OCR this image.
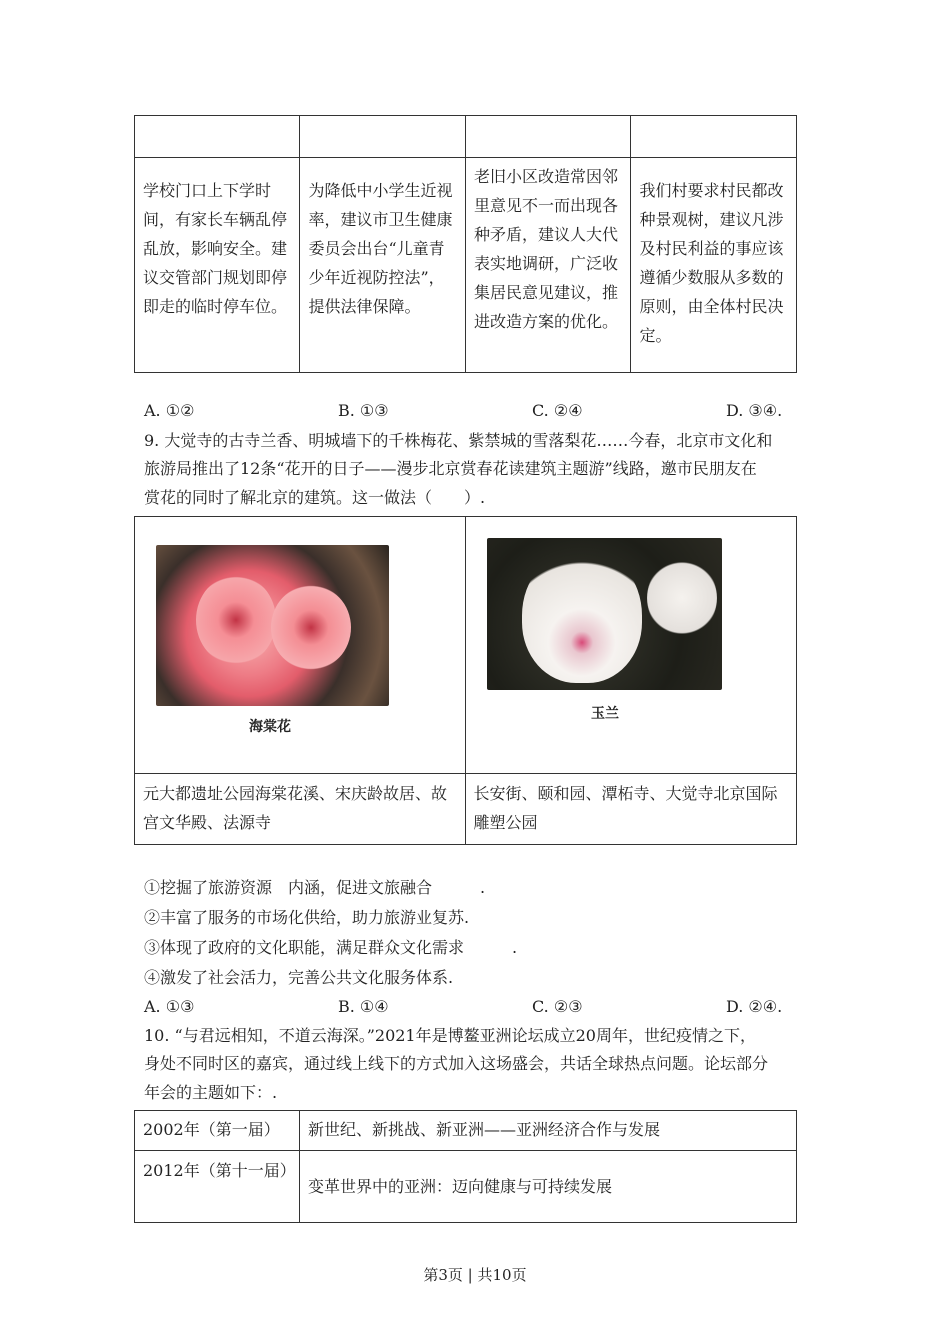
学校门口上下学时间，有家长车辆乱停乱放，影响安全。建议交管部门规划即停即走的临时停车位。	为降低中小学生近视率，建议市卫生健康委员会出台“儿童青少年近视防控法”，提供法律保障。	老旧小区改造常因邻里意见不一而出现各种矛盾，建议人大代表实地调研，广泛收集居民意见建议，推进改造方案的优化。	我们村要求村民都改种景观树，建议凡涉及村民利益的事应该遵循少数服从多数的原则，由全体村民决定。
A. ①②	B. ①③	C. ②④	D. ③④.
9. 大觉寺的古寺兰香、明城墙下的千株梅花、紫禁城的雪落梨花……今春，北京市文化和
旅游局推出了12条“花开的日子——漫步北京赏春花读建筑主题游”线路，邀市民朋友在
赏花的同时了解北京的建筑。这一做法（　　）.

元大都遗址公园海棠花溪、宋庆龄故居、故宫文华殿、法源寺	长安街、颐和园、潭柘寺、大觉寺北京国际雕塑公园
海棠花
玉兰
①挖掘了旅游资源　内涵，促进文旅融合　　　.
②丰富了服务的市场化供给，助力旅游业复苏.
③体现了政府的文化职能，满足群众文化需求　　　.
④激发了社会活力，完善公共文化服务体系.
A. ①③	B. ①④	C. ②③	D. ②④.
10. “与君远相知，不道云海深。”2021年是博鳌亚洲论坛成立20周年，世纪疫情之下，
身处不同时区的嘉宾，通过线上线下的方式加入这场盛会，共话全球热点问题。论坛部分
年会的主题如下：.
2002年（第一届）	新世纪、新挑战、新亚洲——亚洲经济合作与发展
2012年（第十一届）	变革世界中的亚洲：迈向健康与可持续发展
第3页 | 共10页
